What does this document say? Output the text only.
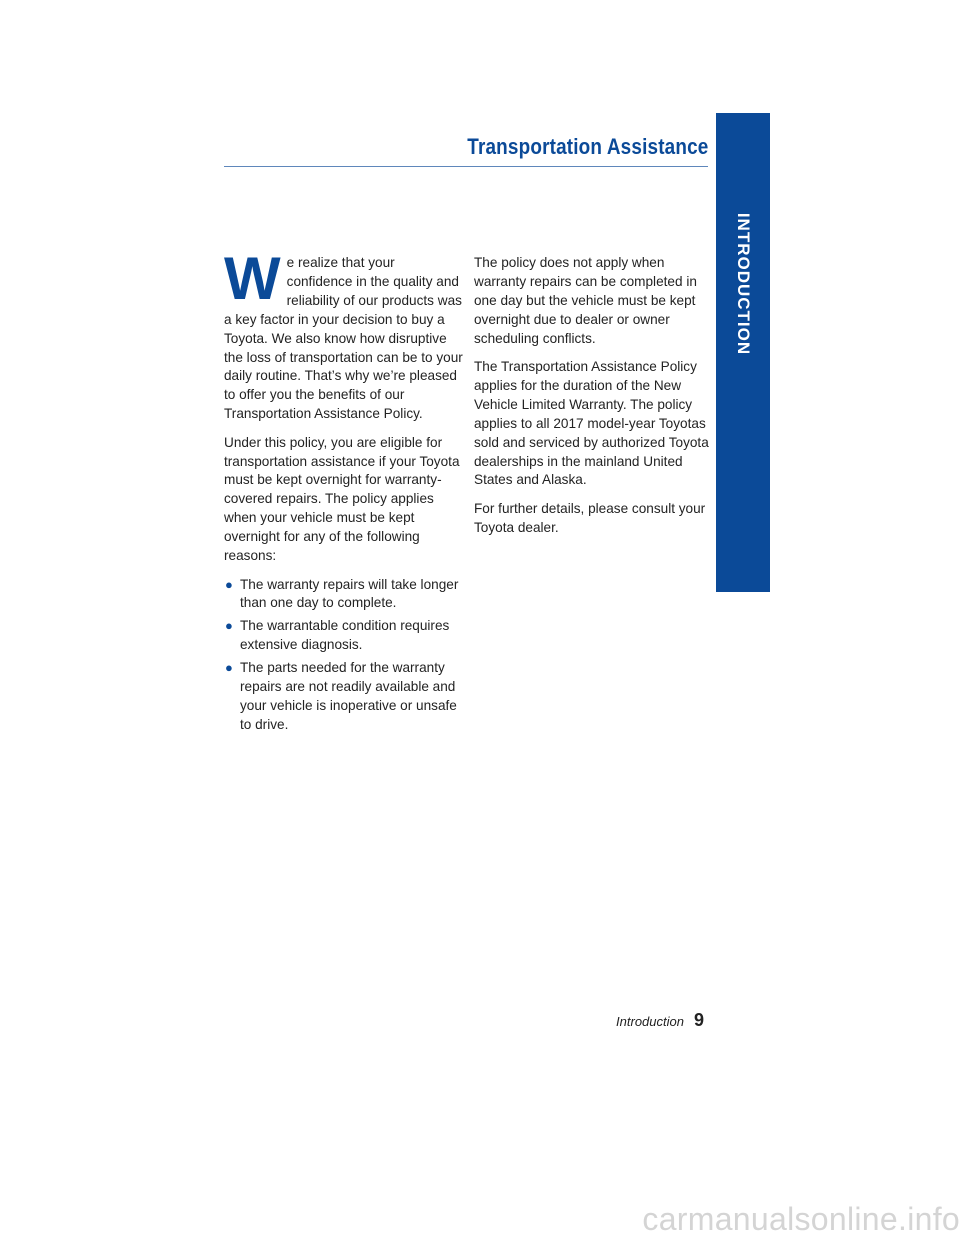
Transportation Assistance
INTRODUCTION

We realize that your confidence in the quality and reliability of our products was a key factor in your decision to buy a Toyota. We also know how disruptive the loss of transportation can be to your daily routine. That’s why we’re pleased to offer you the benefits of our Transportation Assistance Policy.

Under this policy, you are eligible for transportation assistance if your Toyota must be kept overnight for warranty-covered repairs. The policy applies when your vehicle must be kept overnight for any of the following reasons:

● The warranty repairs will take longer than one day to complete.
● The warrantable condition requires extensive diagnosis.
● The parts needed for the warranty repairs are not readily available and your vehicle is inoperative or unsafe to drive.

The policy does not apply when warranty repairs can be completed in one day but the vehicle must be kept overnight due to dealer or owner scheduling conflicts.

The Transportation Assistance Policy applies for the duration of the New Vehicle Limited Warranty. The policy applies to all 2017 model-year Toyotas sold and serviced by authorized Toyota dealerships in the mainland United States and Alaska.

For further details, please consult your Toyota dealer.

Introduction 9
carmanualsonline.info
